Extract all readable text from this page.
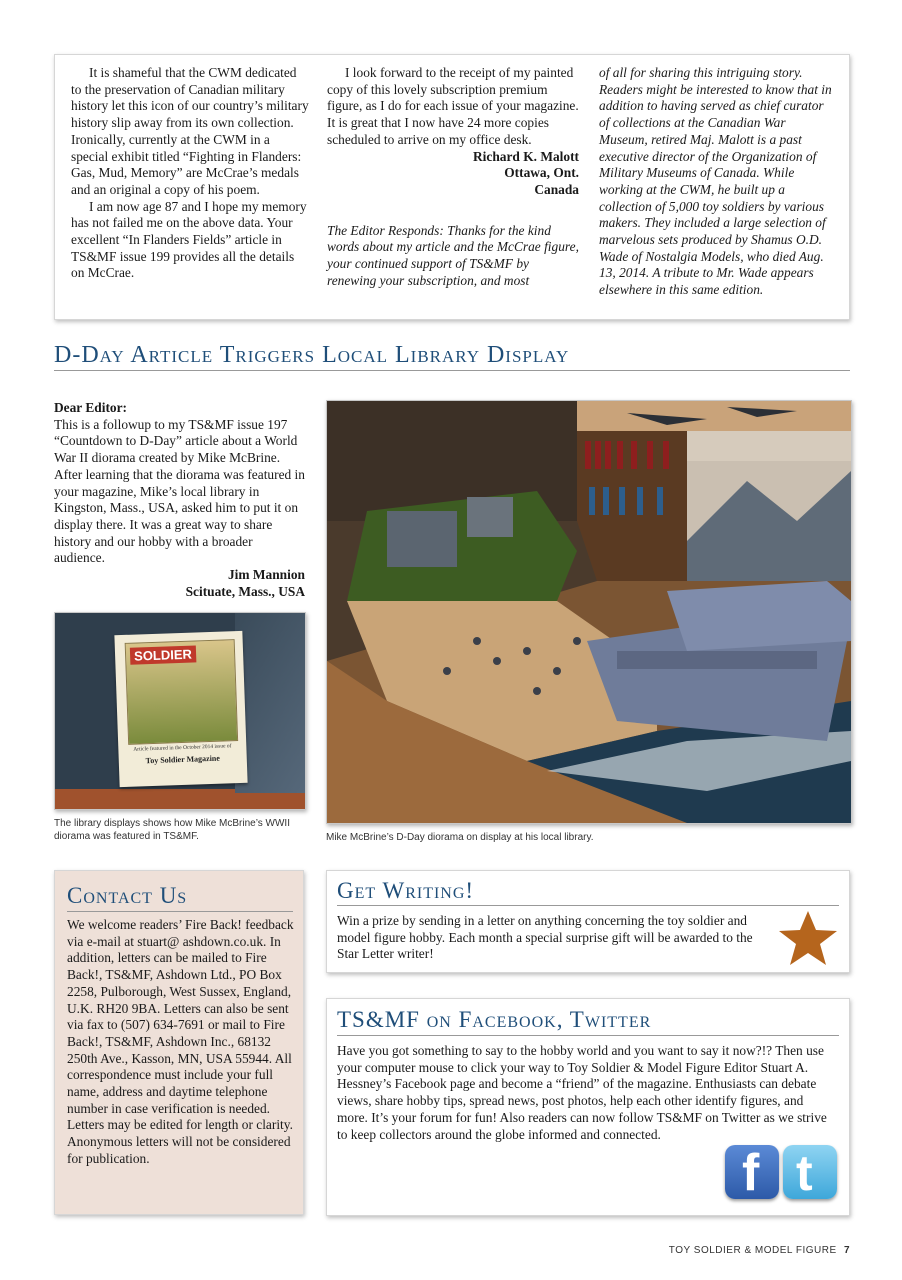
It is shameful that the CWM dedicated to the preservation of Canadian military history let this icon of our country’s military history slip away from its own collection. Ironically, currently at the CWM in a special exhibit titled “Fighting in Flanders: Gas, Mud, Memory” are McCrae’s medals and an original a copy of his poem.

I am now age 87 and I hope my memory has not failed me on the above data. Your excellent “In Flanders Fields” article in TS&MF issue 199 provides all the details on McCrae.

I look forward to the receipt of my painted copy of this lovely subscription premium figure, as I do for each issue of your magazine. It is great that I now have 24 more copies scheduled to arrive on my office desk.

Richard K. Malott

Ottawa, Ont.

Canada

The Editor Responds: Thanks for the kind words about my article and the McCrae figure, your continued support of TS&MF by renewing your subscription, and most

of all for sharing this intriguing story. Readers might be interested to know that in addition to having served as chief curator of collections at the Canadian War Museum, retired Maj. Malott is a past executive director of the Organization of Military Museums of Canada. While working at the CWM, he built up a collection of 5,000 toy soldiers by various makers. They included a large selection of marvelous sets produced by Shamus O.D. Wade of Nostalgia Models, who died Aug. 13, 2014. A tribute to Mr. Wade appears elsewhere in this same edition.

D-Day Article Triggers Local Library Display

Dear Editor:

This is a followup to my TS&MF issue 197 “Countdown to D-Day” article about a World War II diorama created by Mike McBrine. After learning that the diorama was featured in your magazine, Mike’s local library in Kingston, Mass., USA, asked him to put it on display there. It was a great way to share history and our hobby with a broader audience.

Jim Mannion

Scituate, Mass., USA

SOLDIER
Article featured in the October 2014 issue of
Toy Soldier Magazine
The library displays shows how Mike McBrine’s WWII diorama was featured in TS&MF.	Mike McBrine’s D-Day diorama on display at his local library.
Contact Us

We welcome readers’ Fire Back! feedback via e-mail at stuart@ ashdown.co.uk. In addition, letters can be mailed to Fire Back!, TS&MF, Ashdown Ltd., PO Box 2258, Pulborough, West Sussex, England, U.K. RH20 9BA. Letters can also be sent via fax to (507) 634-7691 or mail to Fire Back!, TS&MF, Ashdown Inc., 68132 250th Ave., Kasson, MN, USA 55944. All correspondence must include your full name, address and daytime telephone number in case verification is needed. Letters may be edited for length or clarity. Anonymous letters will not be considered for publication.

Get Writing!

Win a prize by sending in a letter on anything concerning the toy soldier and model figure hobby. Each month a special surprise gift will be awarded to the Star Letter writer!

TS&MF on Facebook, Twitter

Have you got something to say to the hobby world and you want to say it now?!? Then use your computer mouse to click your way to Toy Soldier & Model Figure Editor Stuart A. Hessney’s Facebook page and become a “friend” of the magazine. Enthusiasts can debate views, share hobby tips, spread news, post photos, help each other identify figures, and more. It’s your forum for fun! Also readers can now follow TS&MF on Twitter as we strive to keep collectors around the globe informed and connected.

f t
TOY SOLDIER & MODEL FIGURE 7
